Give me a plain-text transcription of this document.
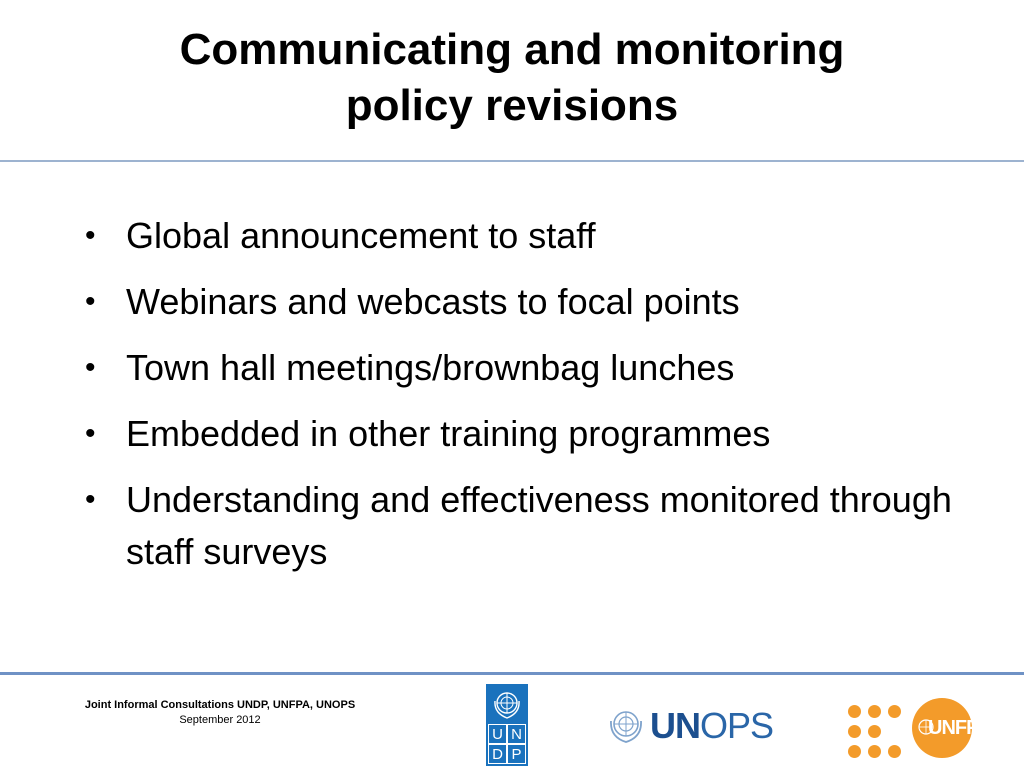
Communicating and monitoring
policy revisions
• Global announcement to staff
• Webinars and webcasts to focal points
• Town hall meetings/brownbag lunches
• Embedded in other training programmes
• Understanding and effectiveness monitored through staff surveys
Joint Informal Consultations UNDP, UNFPA, UNOPS
September 2012
U N
D P
UNOPS	UNFPA
